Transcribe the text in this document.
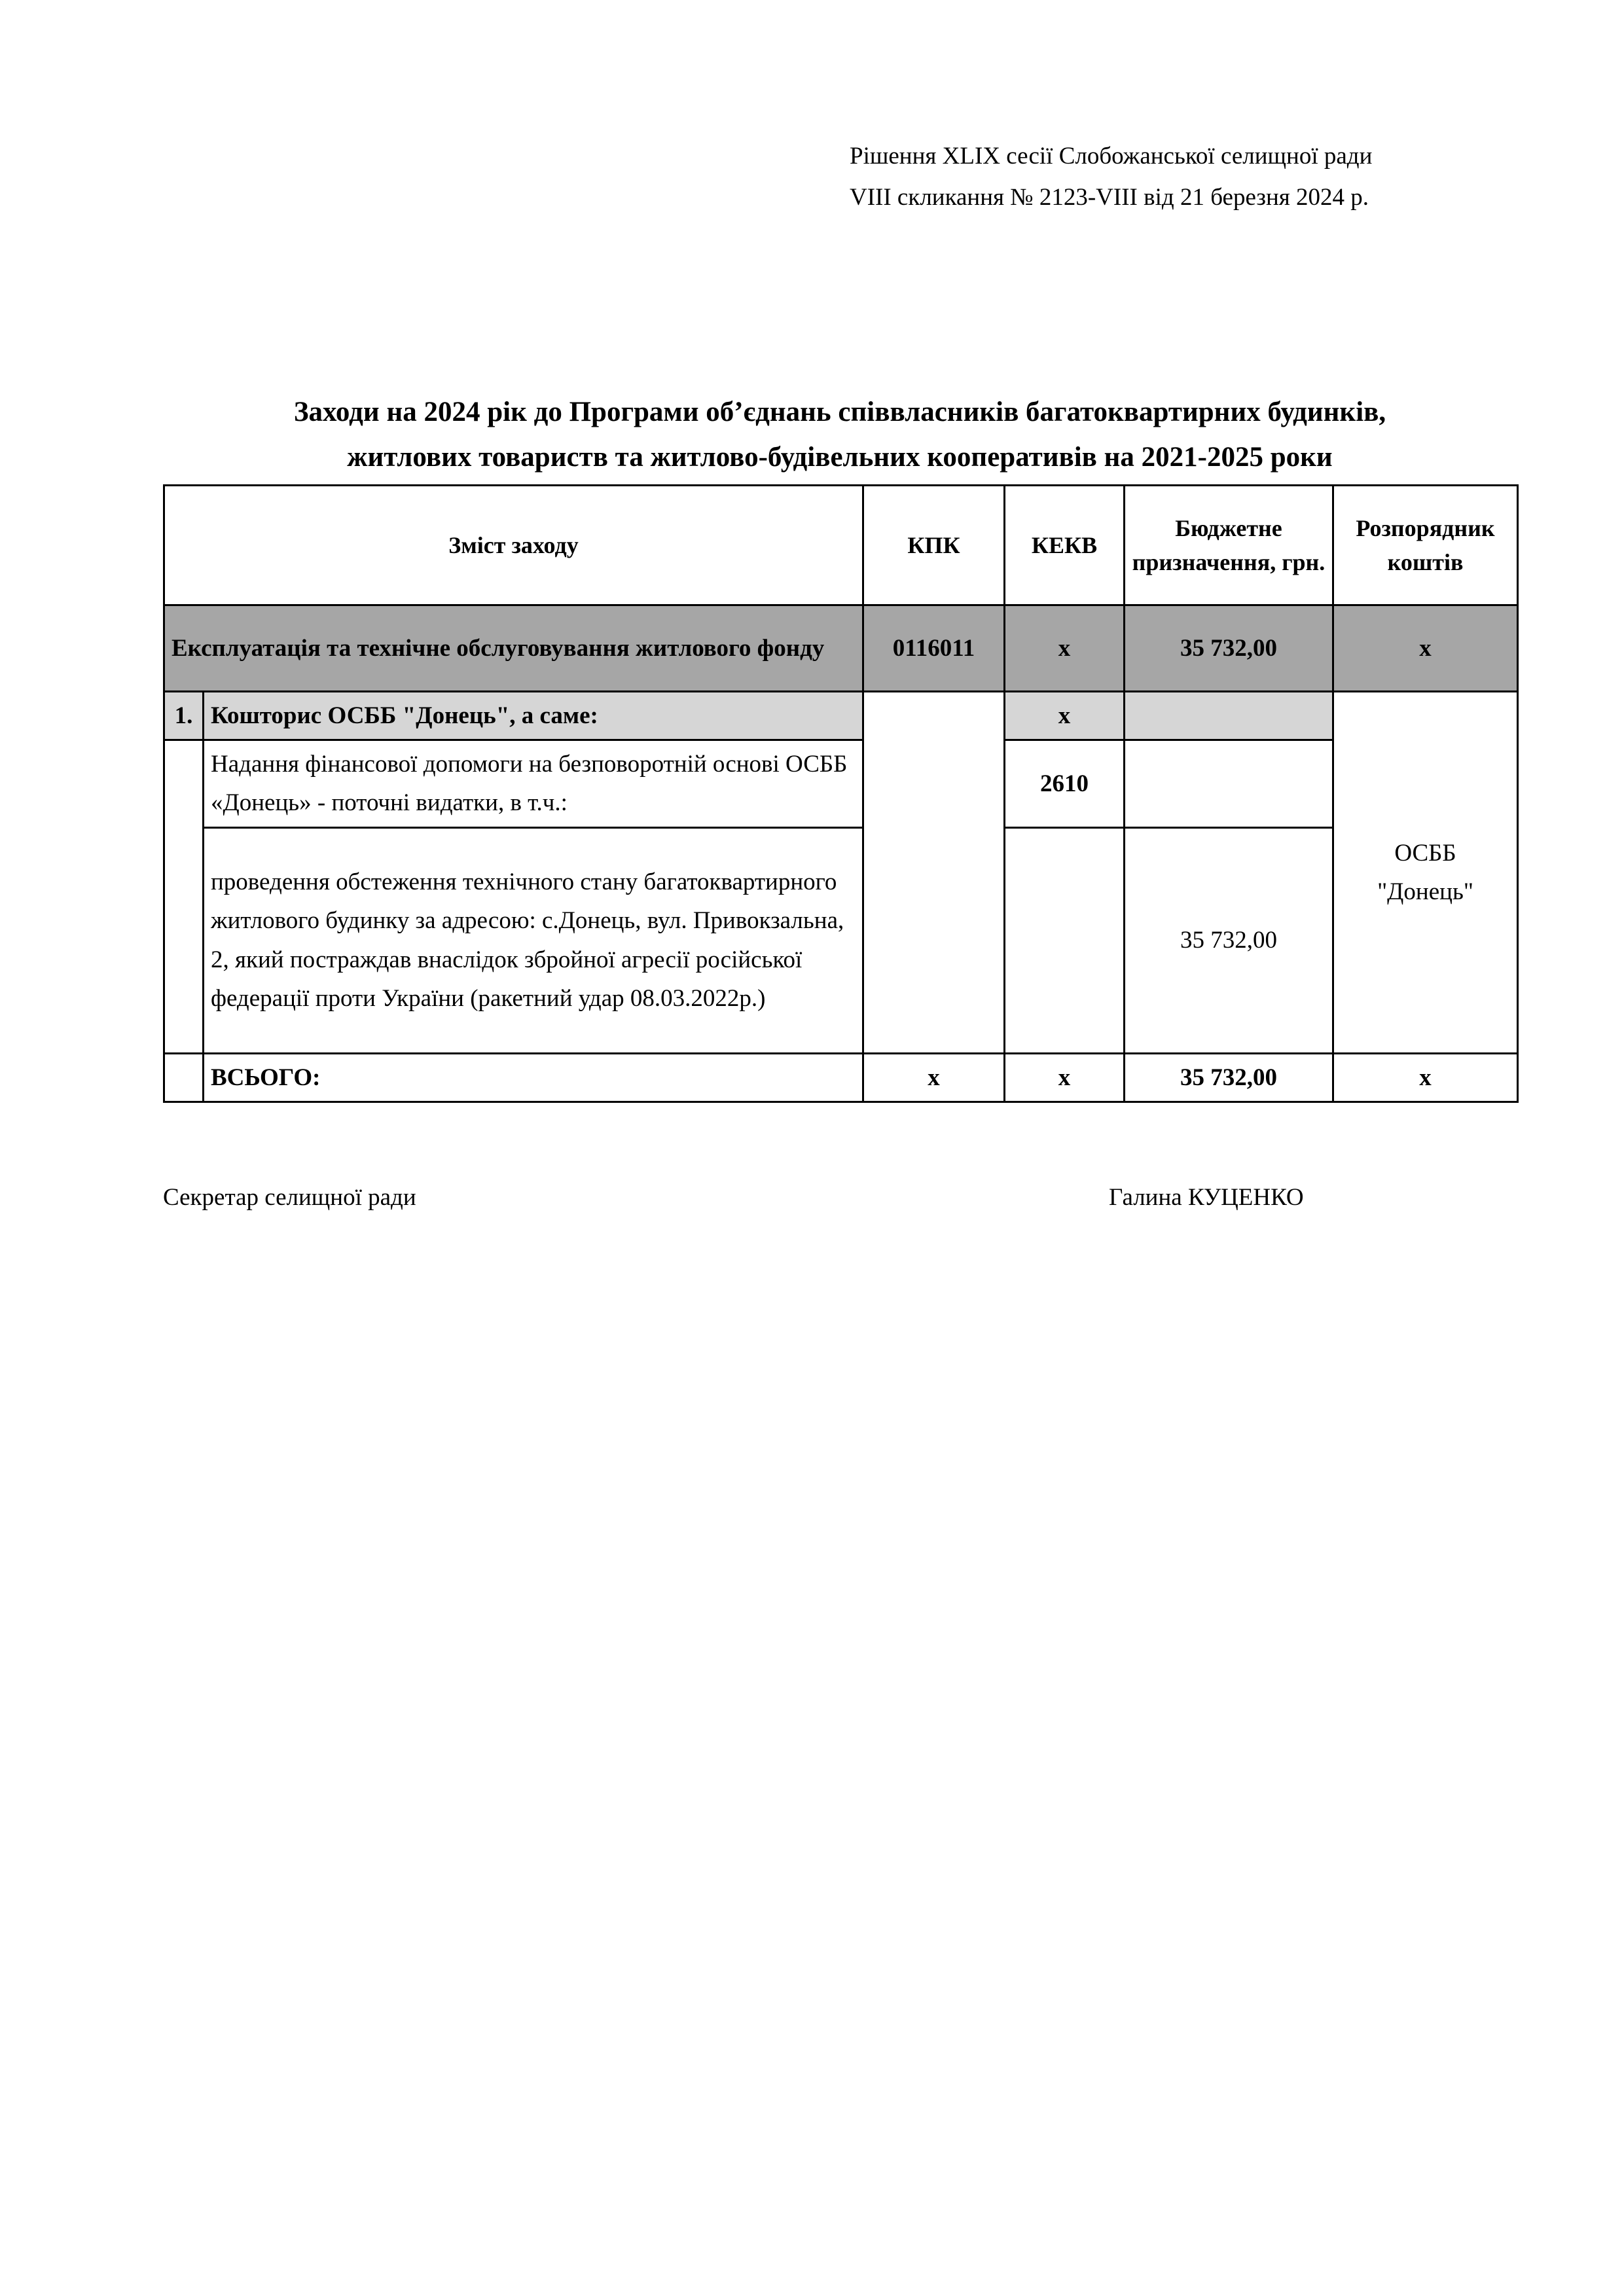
Рішення XLIX сесії Слобожанської селищної ради
VIII скликання № 2123-VIII від 21 березня 2024 р.
Заходи на 2024 рік до Програми об’єднань співвласників багатоквартирних будинків,
житлових товариств та житлово-будівельних кооперативів на 2021-2025 роки
Зміст заходу		КПК	КЕКВ	Бюджетне призначення, грн.	Розпорядник коштів
Експлуатація та технічне обслуговування житлового фонду		0116011	х	35 732,00	х
1.	Кошторис ОСББ "Донець", а саме:		х		ОСББ "Донець"

	Надання фінансової допомоги на безповоротній основі ОСББ «Донець» - поточні видатки, в т.ч.:		2610		
	проведення обстеження технічного стану багатоквартирного житлового будинку за адресою: с.Донець, вул. Привокзальна, 2, який постраждав внаслідок збройної агресії російської федерації проти України (ракетний удар 08.03.2022р.)			35 732,00	
	ВСЬОГО:	х	х	35 732,00	х
Секретар селищної ради	Галина КУЦЕНКО
